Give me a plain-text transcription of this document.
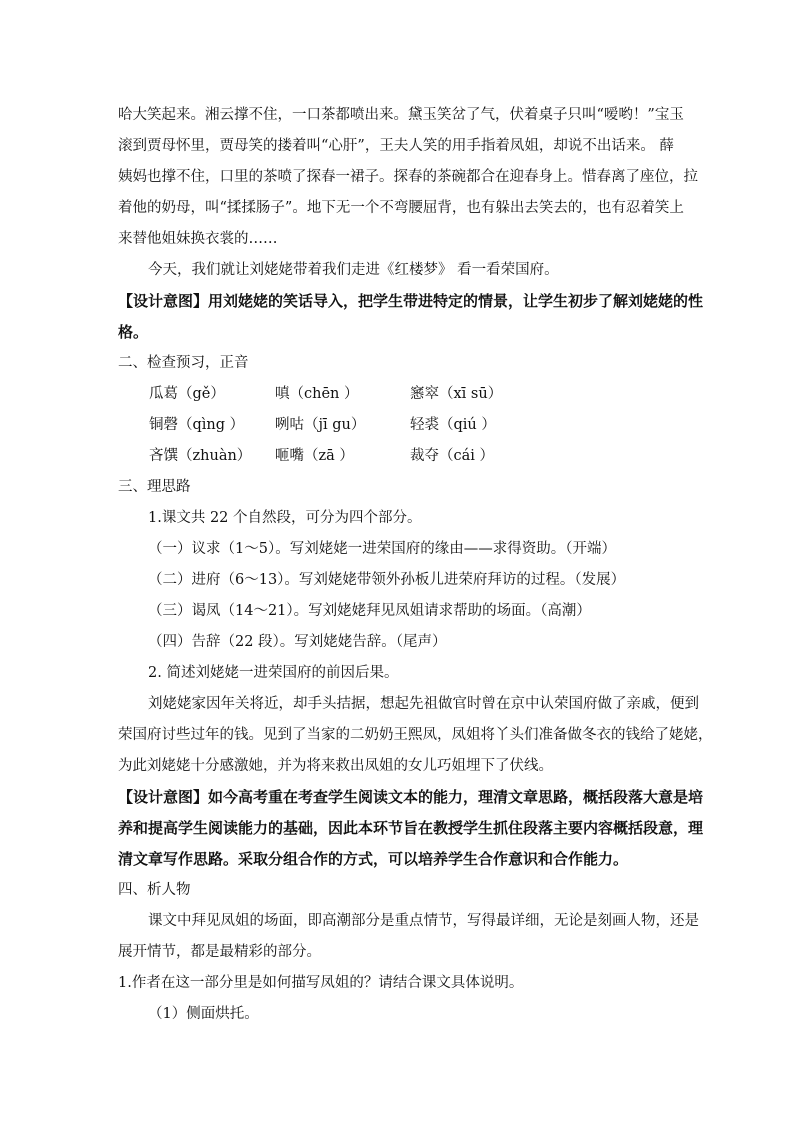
哈大笑起来。湘云撑不住，一口茶都喷出来。黛玉笑岔了气，伏着桌子只叫“嗳哟！”宝玉
滚到贾母怀里，贾母笑的搂着叫“心肝”，王夫人笑的用手指着凤姐，却说不出话来。 薛
姨妈也撑不住，口里的茶喷了探春一裙子。探春的茶碗都合在迎春身上。惜春离了座位，拉
着他的奶母，叫“揉揉肠子”。地下无一个不弯腰屈背，也有躲出去笑去的，也有忍着笑上
来替他姐妹换衣裳的……
今天，我们就让刘姥姥带着我们走进《红楼梦》 看一看荣国府。
【设计意图】用刘姥姥的笑话导入，把学生带进特定的情景，让学生初步了解刘姥姥的性
格。
二、检查预习，正音
瓜葛（gě）	嗔（chēn ）	窸窣（xī sū）
铜磬（qìng ）	咧咕（jī gu）	轻裘（qiú ）
吝馔（zhuàn）	咂嘴（zā ）	裁夺（cái ）
三、理思路
1.课文共 22 个自然段，可分为四个部分。
（一）议求（1～5）。写刘姥姥一进荣国府的缘由——求得资助。（开端）
（二）进府（6～13）。写刘姥姥带领外孙板儿进荣府拜访的过程。（发展）
（三）谒凤（14～21）。写刘姥姥拜见凤姐请求帮助的场面。（高潮）
（四）告辞（22 段）。写刘姥姥告辞。（尾声）
2. 简述刘姥姥一进荣国府的前因后果。
刘姥姥家因年关将近，却手头拮据，想起先祖做官时曾在京中认荣国府做了亲戚，便到
荣国府讨些过年的钱。见到了当家的二奶奶王熙凤，凤姐将丫头们准备做冬衣的钱给了姥姥，
为此刘姥姥十分感激她，并为将来救出凤姐的女儿巧姐埋下了伏线。
【设计意图】如今高考重在考查学生阅读文本的能力，理清文章思路，概括段落大意是培
养和提高学生阅读能力的基础，因此本环节旨在教授学生抓住段落主要内容概括段意，理
清文章写作思路。采取分组合作的方式，可以培养学生合作意识和合作能力。
四、析人物
课文中拜见凤姐的场面，即高潮部分是重点情节，写得最详细，无论是刻画人物，还是
展开情节，都是最精彩的部分。
1.作者在这一部分里是如何描写凤姐的？请结合课文具体说明。
（1）侧面烘托。
